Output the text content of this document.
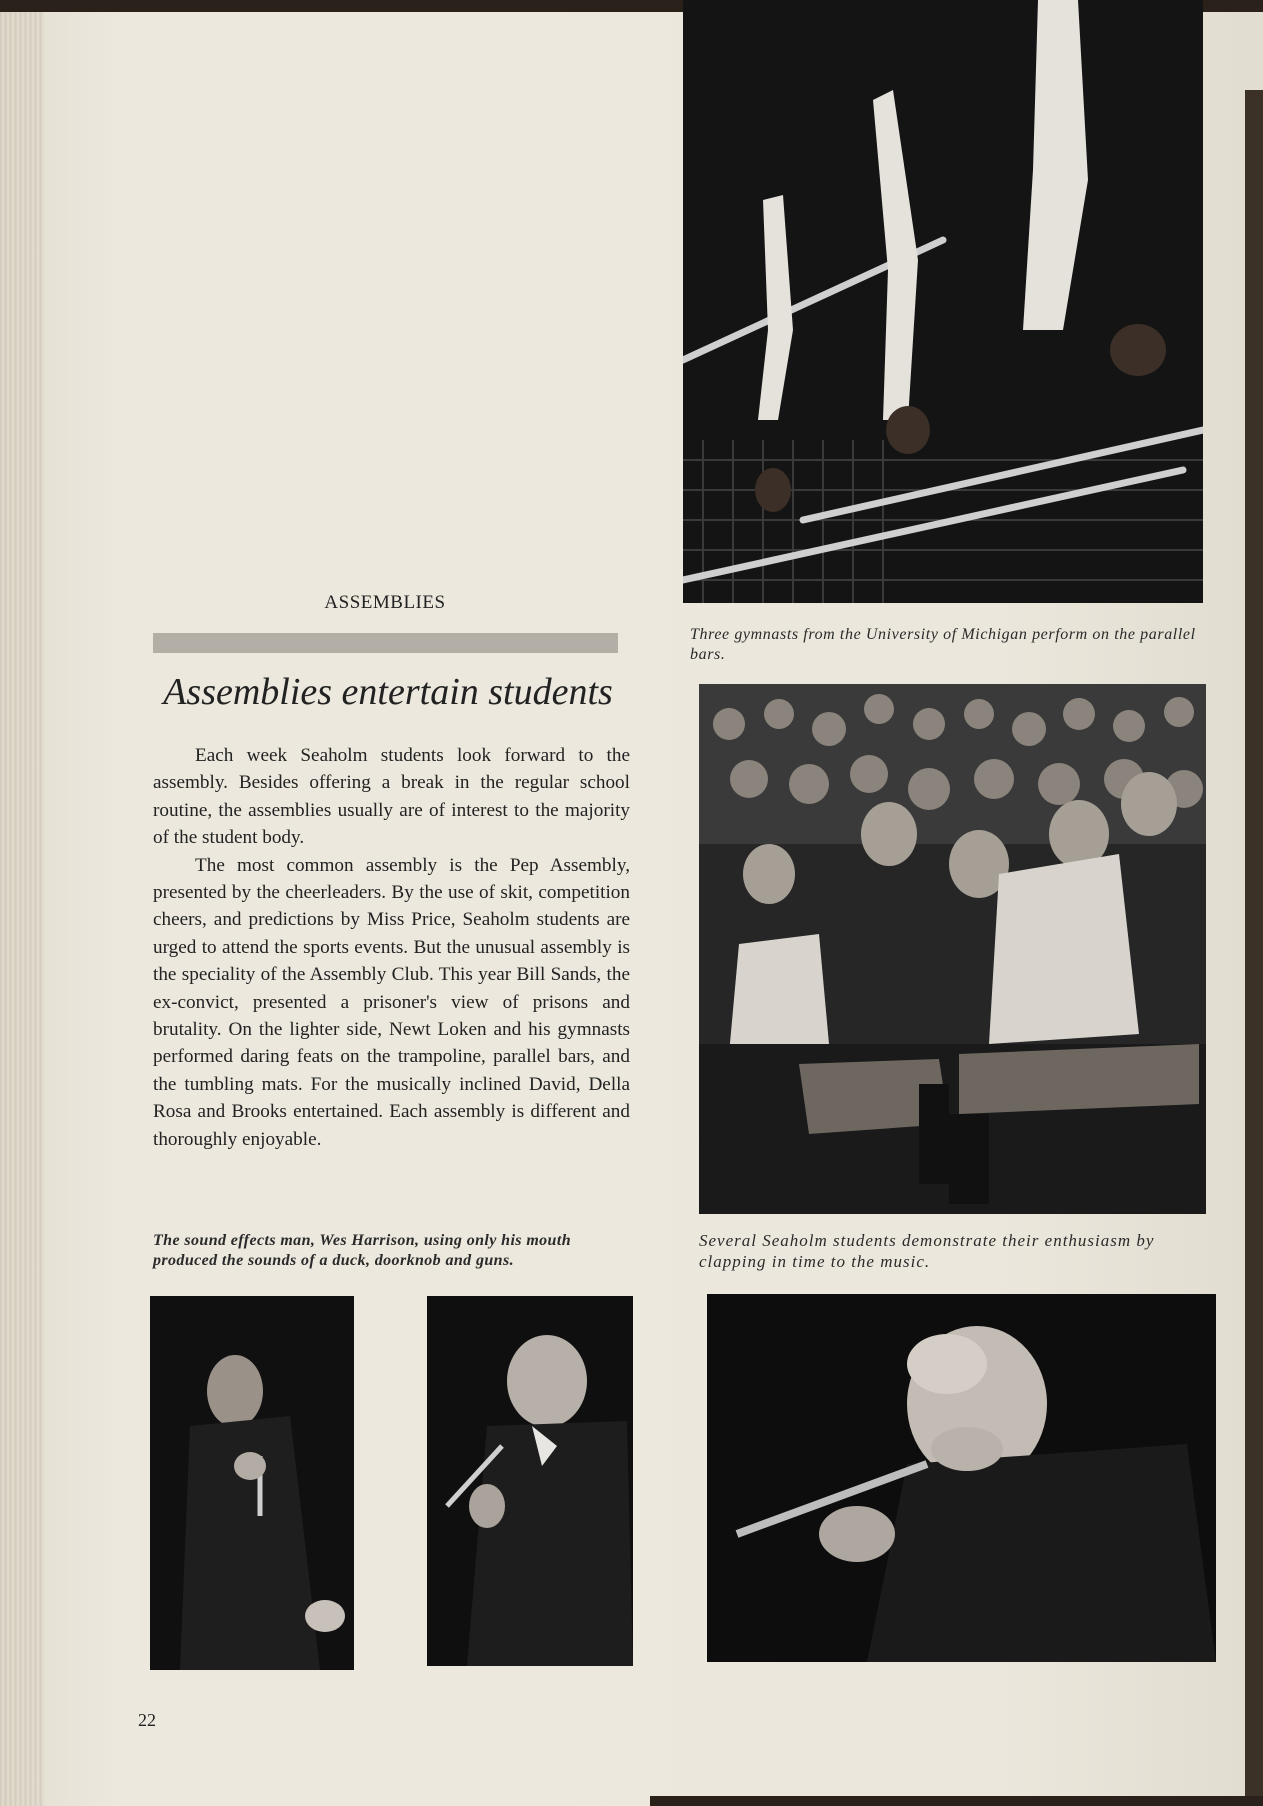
Three gymnasts from the University of Michigan perform on the parallel bars.
Several Seaholm students demonstrate their enthusiasm by clapping in time to the music.
ASSEMBLIES
Assemblies entertain students

Each week Seaholm students look forward to the assembly. Besides offering a break in the regular school routine, the assemblies usually are of interest to the majority of the student body.

The most common assembly is the Pep Assembly, presented by the cheerleaders. By the use of skit, competition cheers, and predictions by Miss Price, Seaholm students are urged to attend the sports events. But the unusual assembly is the speciality of the Assembly Club. This year Bill Sands, the ex-convict, presented a prisoner's view of prisons and brutality. On the lighter side, Newt Loken and his gymnasts performed daring feats on the trampoline, parallel bars, and the tumbling mats. For the musically inclined David, Della Rosa and Brooks entertained. Each assembly is different and thoroughly enjoyable.

The sound effects man, Wes Harrison, using only his mouth produced the sounds of a duck, doorknob and guns.
22
